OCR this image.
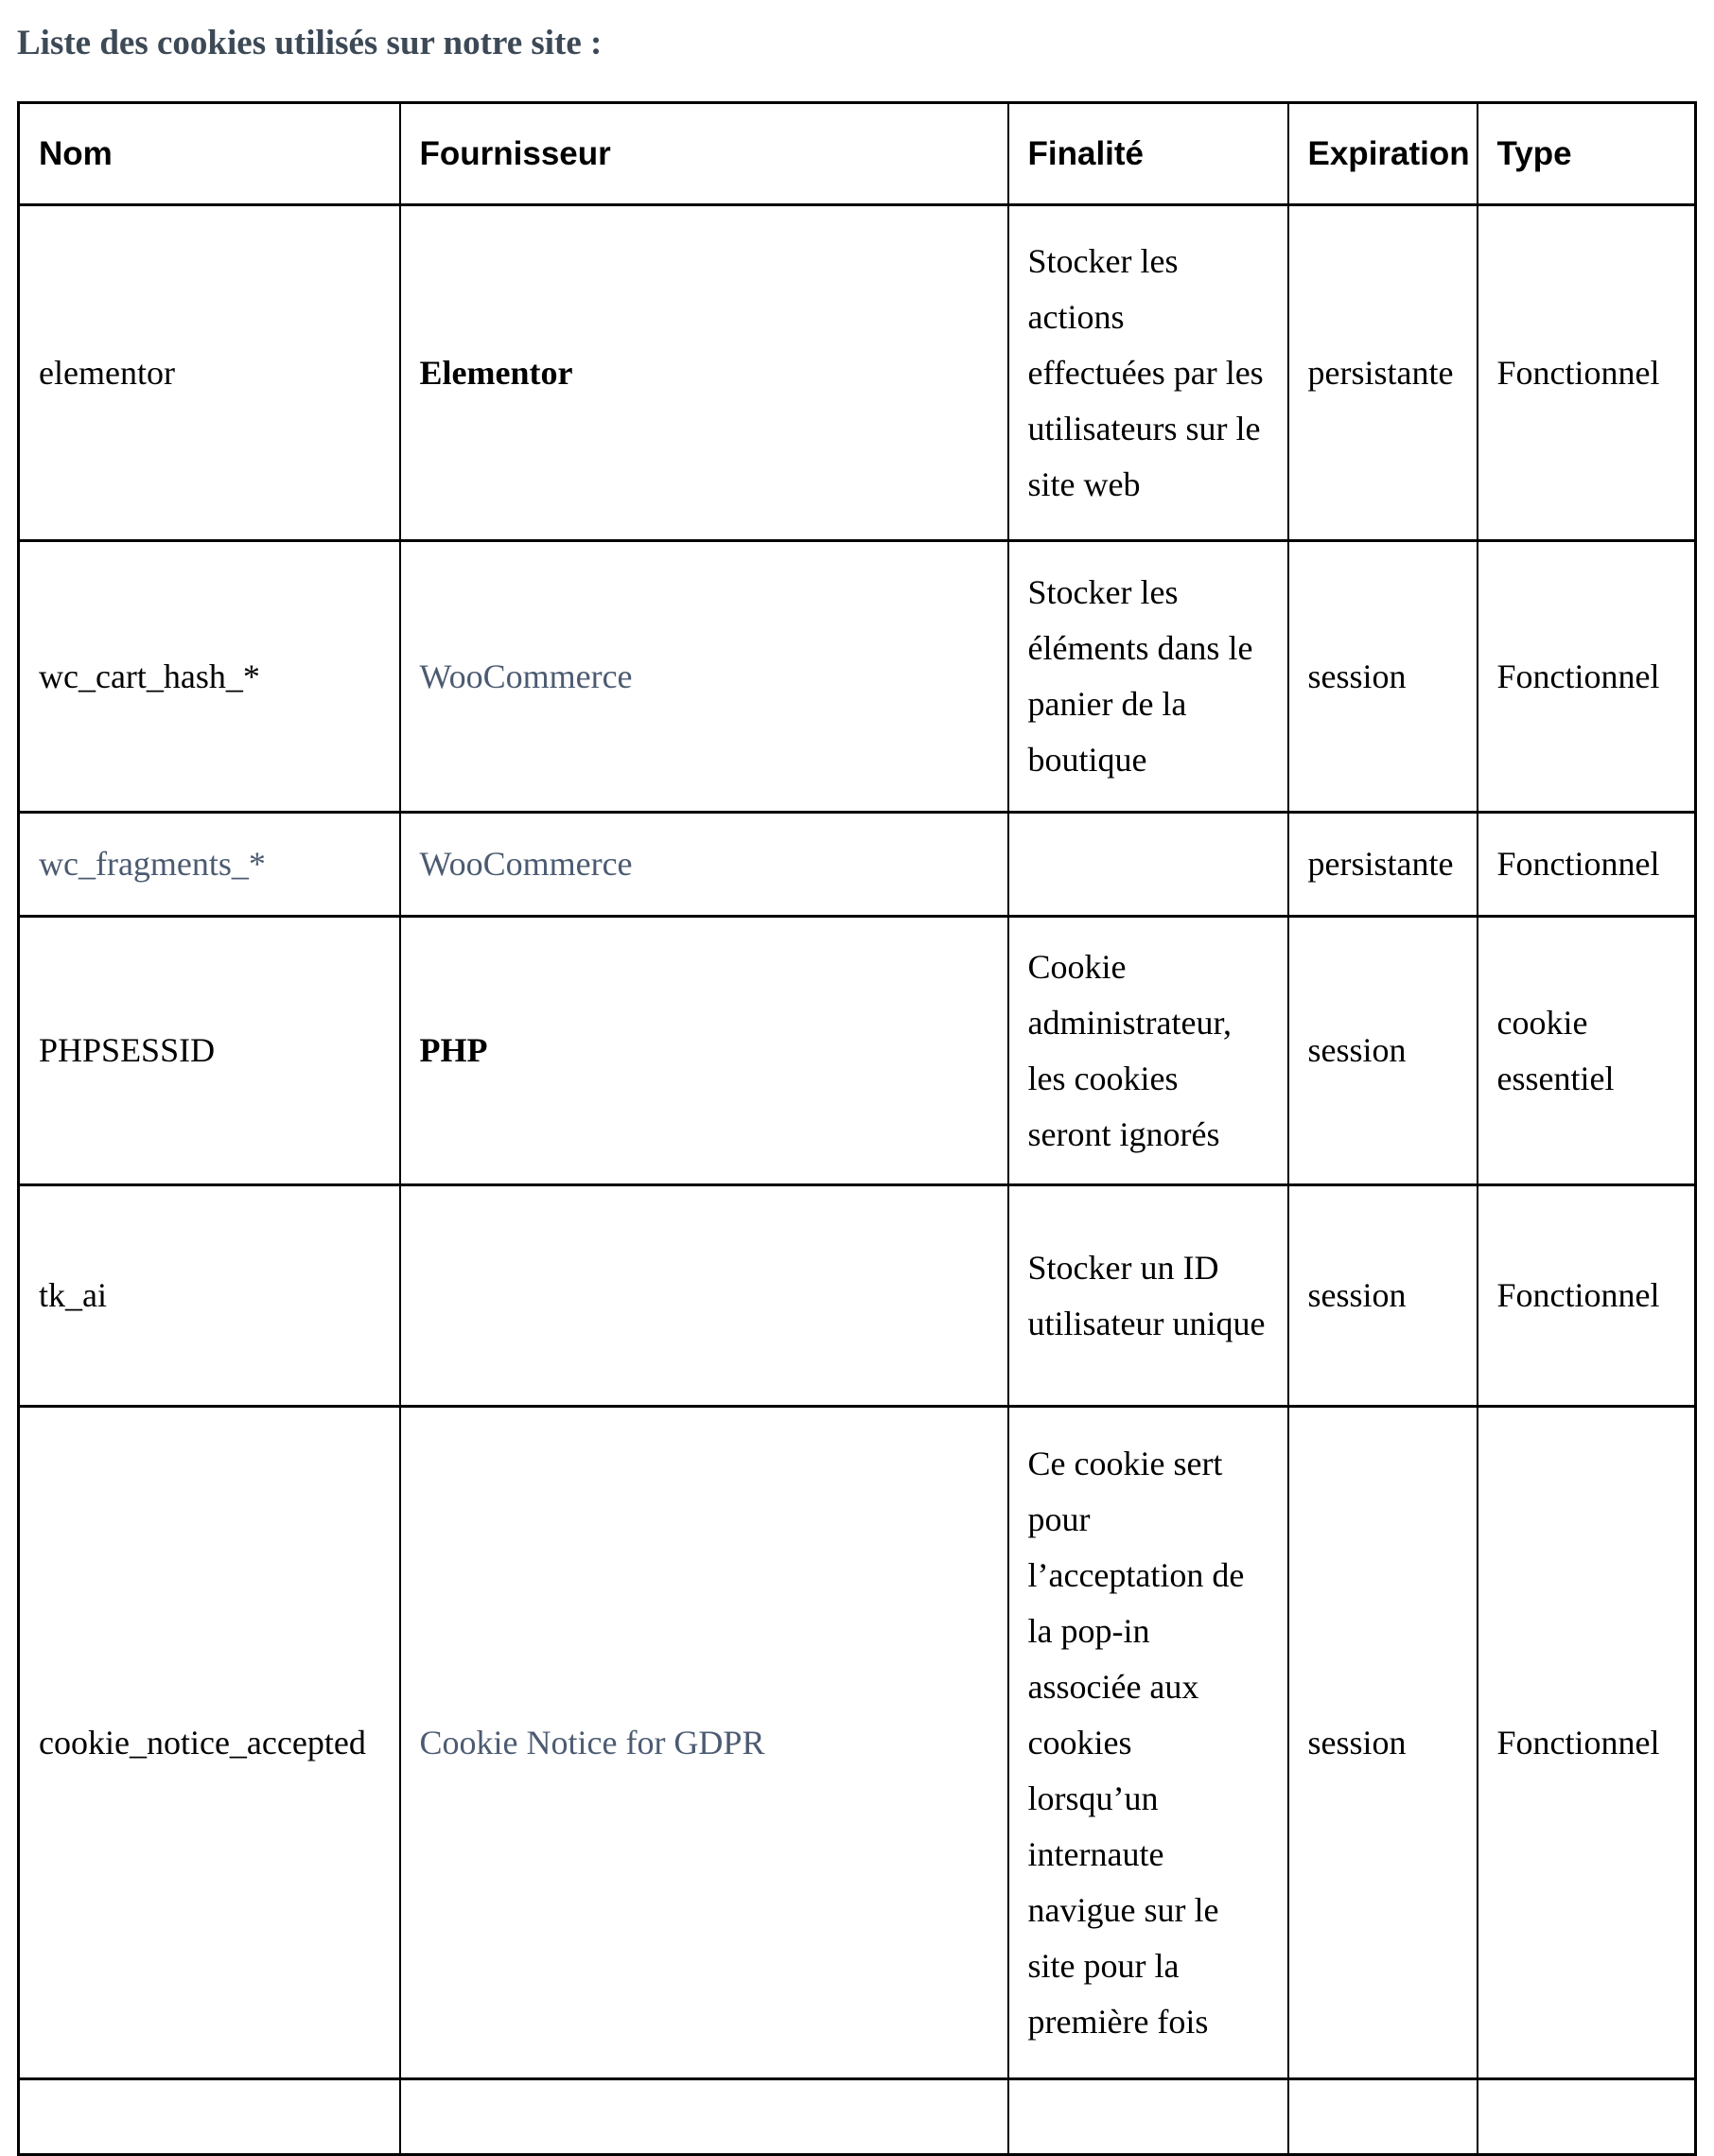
Liste des cookies utilisés sur notre site :
Nom	Fournisseur	Finalité	Expiration	Type
elementor	Elementor	Stocker les actions effectuées par les utilisateurs sur le site web	persistante	Fonctionnel
wc_cart_hash_*	WooCommerce	Stocker les éléments dans le panier de la boutique	session	Fonctionnel
wc_fragments_*	WooCommerce		persistante	Fonctionnel
PHPSESSID	PHP	Cookie administrateur, les cookies seront ignorés	session	cookie essentiel
tk_ai		Stocker un ID utilisateur unique	session	Fonctionnel
cookie_notice_accepted	Cookie Notice for GDPR	Ce cookie sert pour l’acceptation de la pop-in associée aux cookies lorsqu’un internaute navigue sur le site pour la première fois	session	Fonctionnel
